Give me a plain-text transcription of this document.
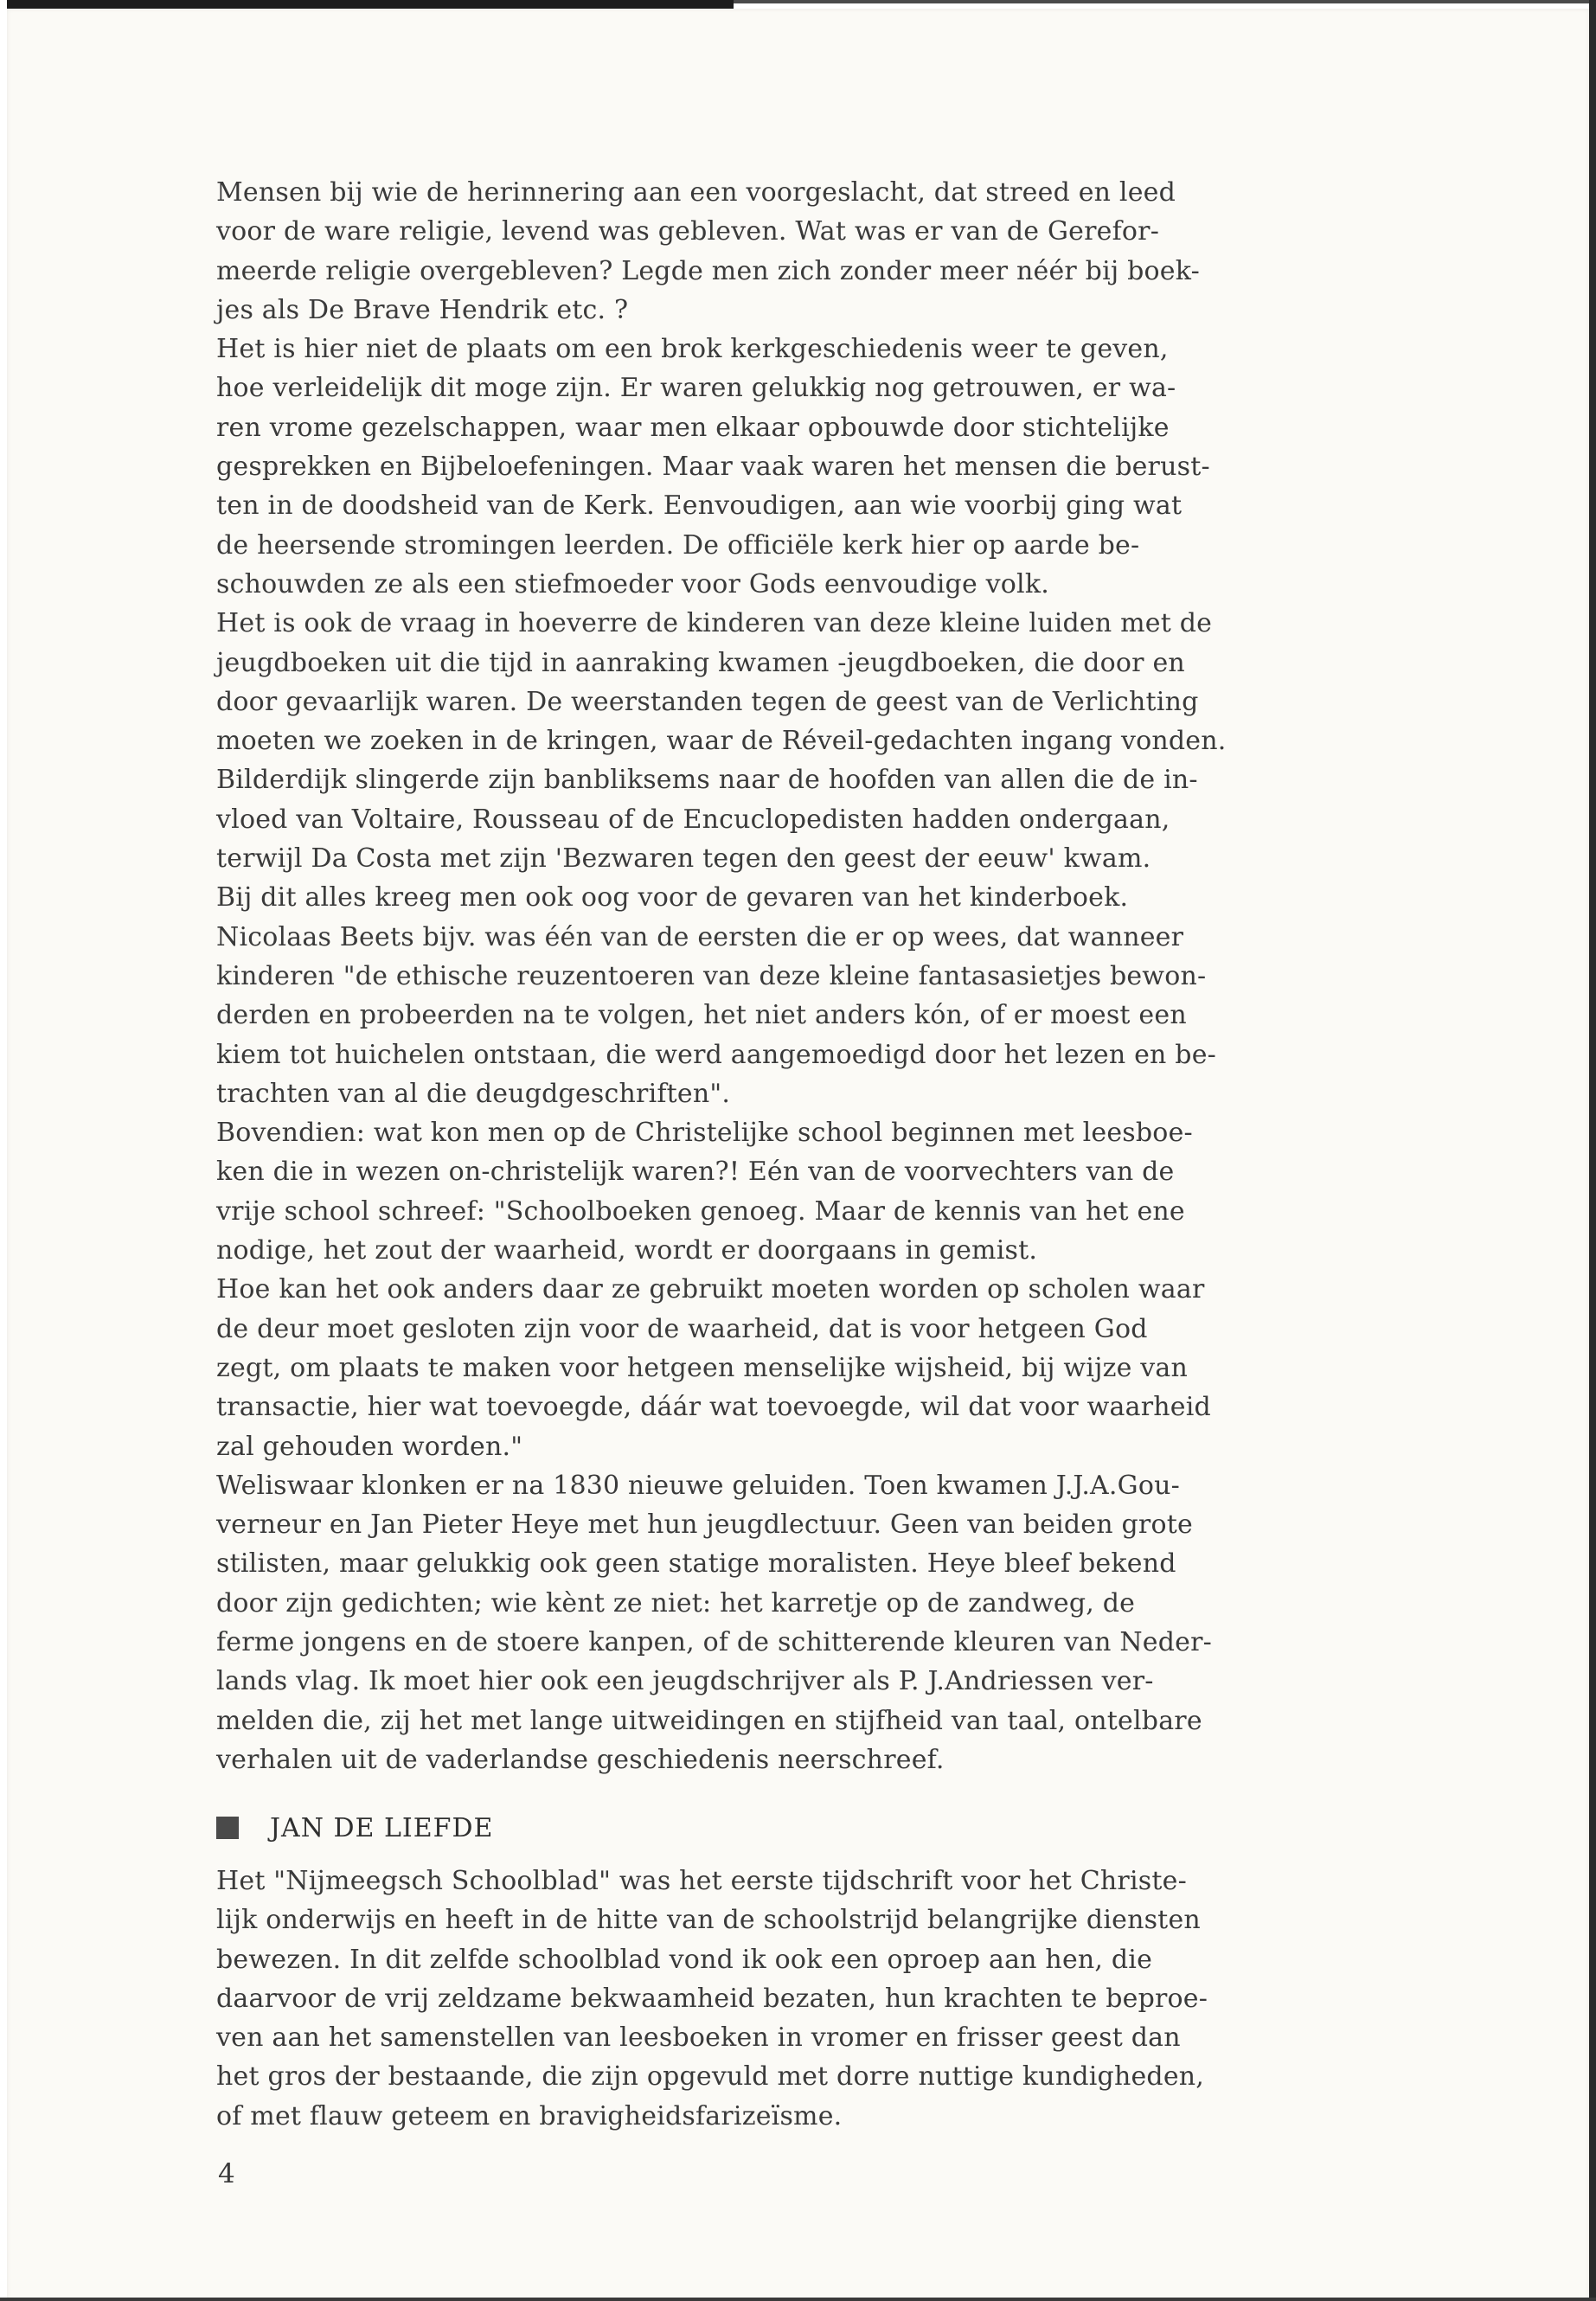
Mensen bij wie de herinnering aan een voorgeslacht, dat streed en leed
voor de ware religie, levend was gebleven. Wat was er van de Gerefor-
meerde religie overgebleven? Legde men zich zonder meer néér bij boek-
jes als De Brave Hendrik etc. ?
Het is hier niet de plaats om een brok kerkgeschiedenis weer te geven,
hoe verleidelijk dit moge zijn. Er waren gelukkig nog getrouwen, er wa-
ren vrome gezelschappen, waar men elkaar opbouwde door stichtelijke
gesprekken en Bijbeloefeningen. Maar vaak waren het mensen die berust-
ten in de doodsheid van de Kerk. Eenvoudigen, aan wie voorbij ging wat
de heersende stromingen leerden. De officiële kerk hier op aarde be-
schouwden ze als een stiefmoeder voor Gods eenvoudige volk.
Het is ook de vraag in hoeverre de kinderen van deze kleine luiden met de
jeugdboeken uit die tijd in aanraking kwamen -jeugdboeken, die door en
door gevaarlijk waren. De weerstanden tegen de geest van de Verlichting
moeten we zoeken in de kringen, waar de Réveil-gedachten ingang vonden.
Bilderdijk slingerde zijn banbliksems naar de hoofden van allen die de in-
vloed van Voltaire, Rousseau of de Encuclopedisten hadden ondergaan,
terwijl Da Costa met zijn 'Bezwaren tegen den geest der eeuw' kwam.
Bij dit alles kreeg men ook oog voor de gevaren van het kinderboek.
Nicolaas Beets bijv. was één van de eersten die er op wees, dat wanneer
kinderen "de ethische reuzentoeren van deze kleine fantasasietjes bewon-
derden en probeerden na te volgen, het niet anders kón, of er moest een
kiem tot huichelen ontstaan, die werd aangemoedigd door het lezen en be-
trachten van al die deugdgeschriften".
Bovendien: wat kon men op de Christelijke school beginnen met leesboe-
ken die in wezen on-christelijk waren?! Eén van de voorvechters van de
vrije school schreef: "Schoolboeken genoeg. Maar de kennis van het ene
nodige, het zout der waarheid, wordt er doorgaans in gemist.
Hoe kan het ook anders daar ze gebruikt moeten worden op scholen waar
de deur moet gesloten zijn voor de waarheid, dat is voor hetgeen God
zegt, om plaats te maken voor hetgeen menselijke wijsheid, bij wijze van
transactie, hier wat toevoegde, dáár wat toevoegde, wil dat voor waarheid
zal gehouden worden."
Weliswaar klonken er na 1830 nieuwe geluiden. Toen kwamen J.J.A.Gou-
verneur en Jan Pieter Heye met hun jeugdlectuur. Geen van beiden grote
stilisten, maar gelukkig ook geen statige moralisten. Heye bleef bekend
door zijn gedichten; wie kènt ze niet: het karretje op de zandweg, de
ferme jongens en de stoere kanpen, of de schitterende kleuren van Neder-
lands vlag. Ik moet hier ook een jeugdschrijver als P. J.Andriessen ver-
melden die, zij het met lange uitweidingen en stijfheid van taal, ontelbare
verhalen uit de vaderlandse geschiedenis neerschreef.
JAN DE LIEFDE
Het "Nijmeegsch Schoolblad" was het eerste tijdschrift voor het Christe-
lijk onderwijs en heeft in de hitte van de schoolstrijd belangrijke diensten
bewezen. In dit zelfde schoolblad vond ik ook een oproep aan hen, die
daarvoor de vrij zeldzame bekwaamheid bezaten, hun krachten te beproe-
ven aan het samenstellen van leesboeken in vromer en frisser geest dan
het gros der bestaande, die zijn opgevuld met dorre nuttige kundigheden,
of met flauw geteem en bravigheidsfarizeïsme.
4
